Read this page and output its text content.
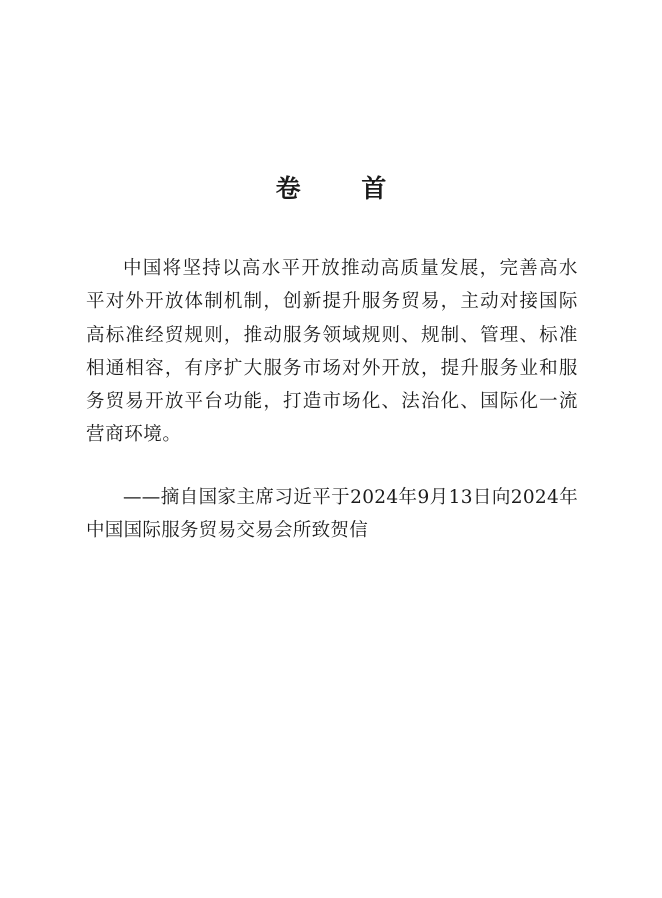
卷 首

中国将坚持以高水平开放推动高质量发展，完善高水平对外开放体制机制，创新提升服务贸易，主动对接国际高标准经贸规则，推动服务领域规则、规制、管理、标准相通相容，有序扩大服务市场对外开放，提升服务业和服务贸易开放平台功能，打造市场化、法治化、国际化一流营商环境。

——摘自国家主席习近平于2024年9月13日向2024年中国国际服务贸易交易会所致贺信
